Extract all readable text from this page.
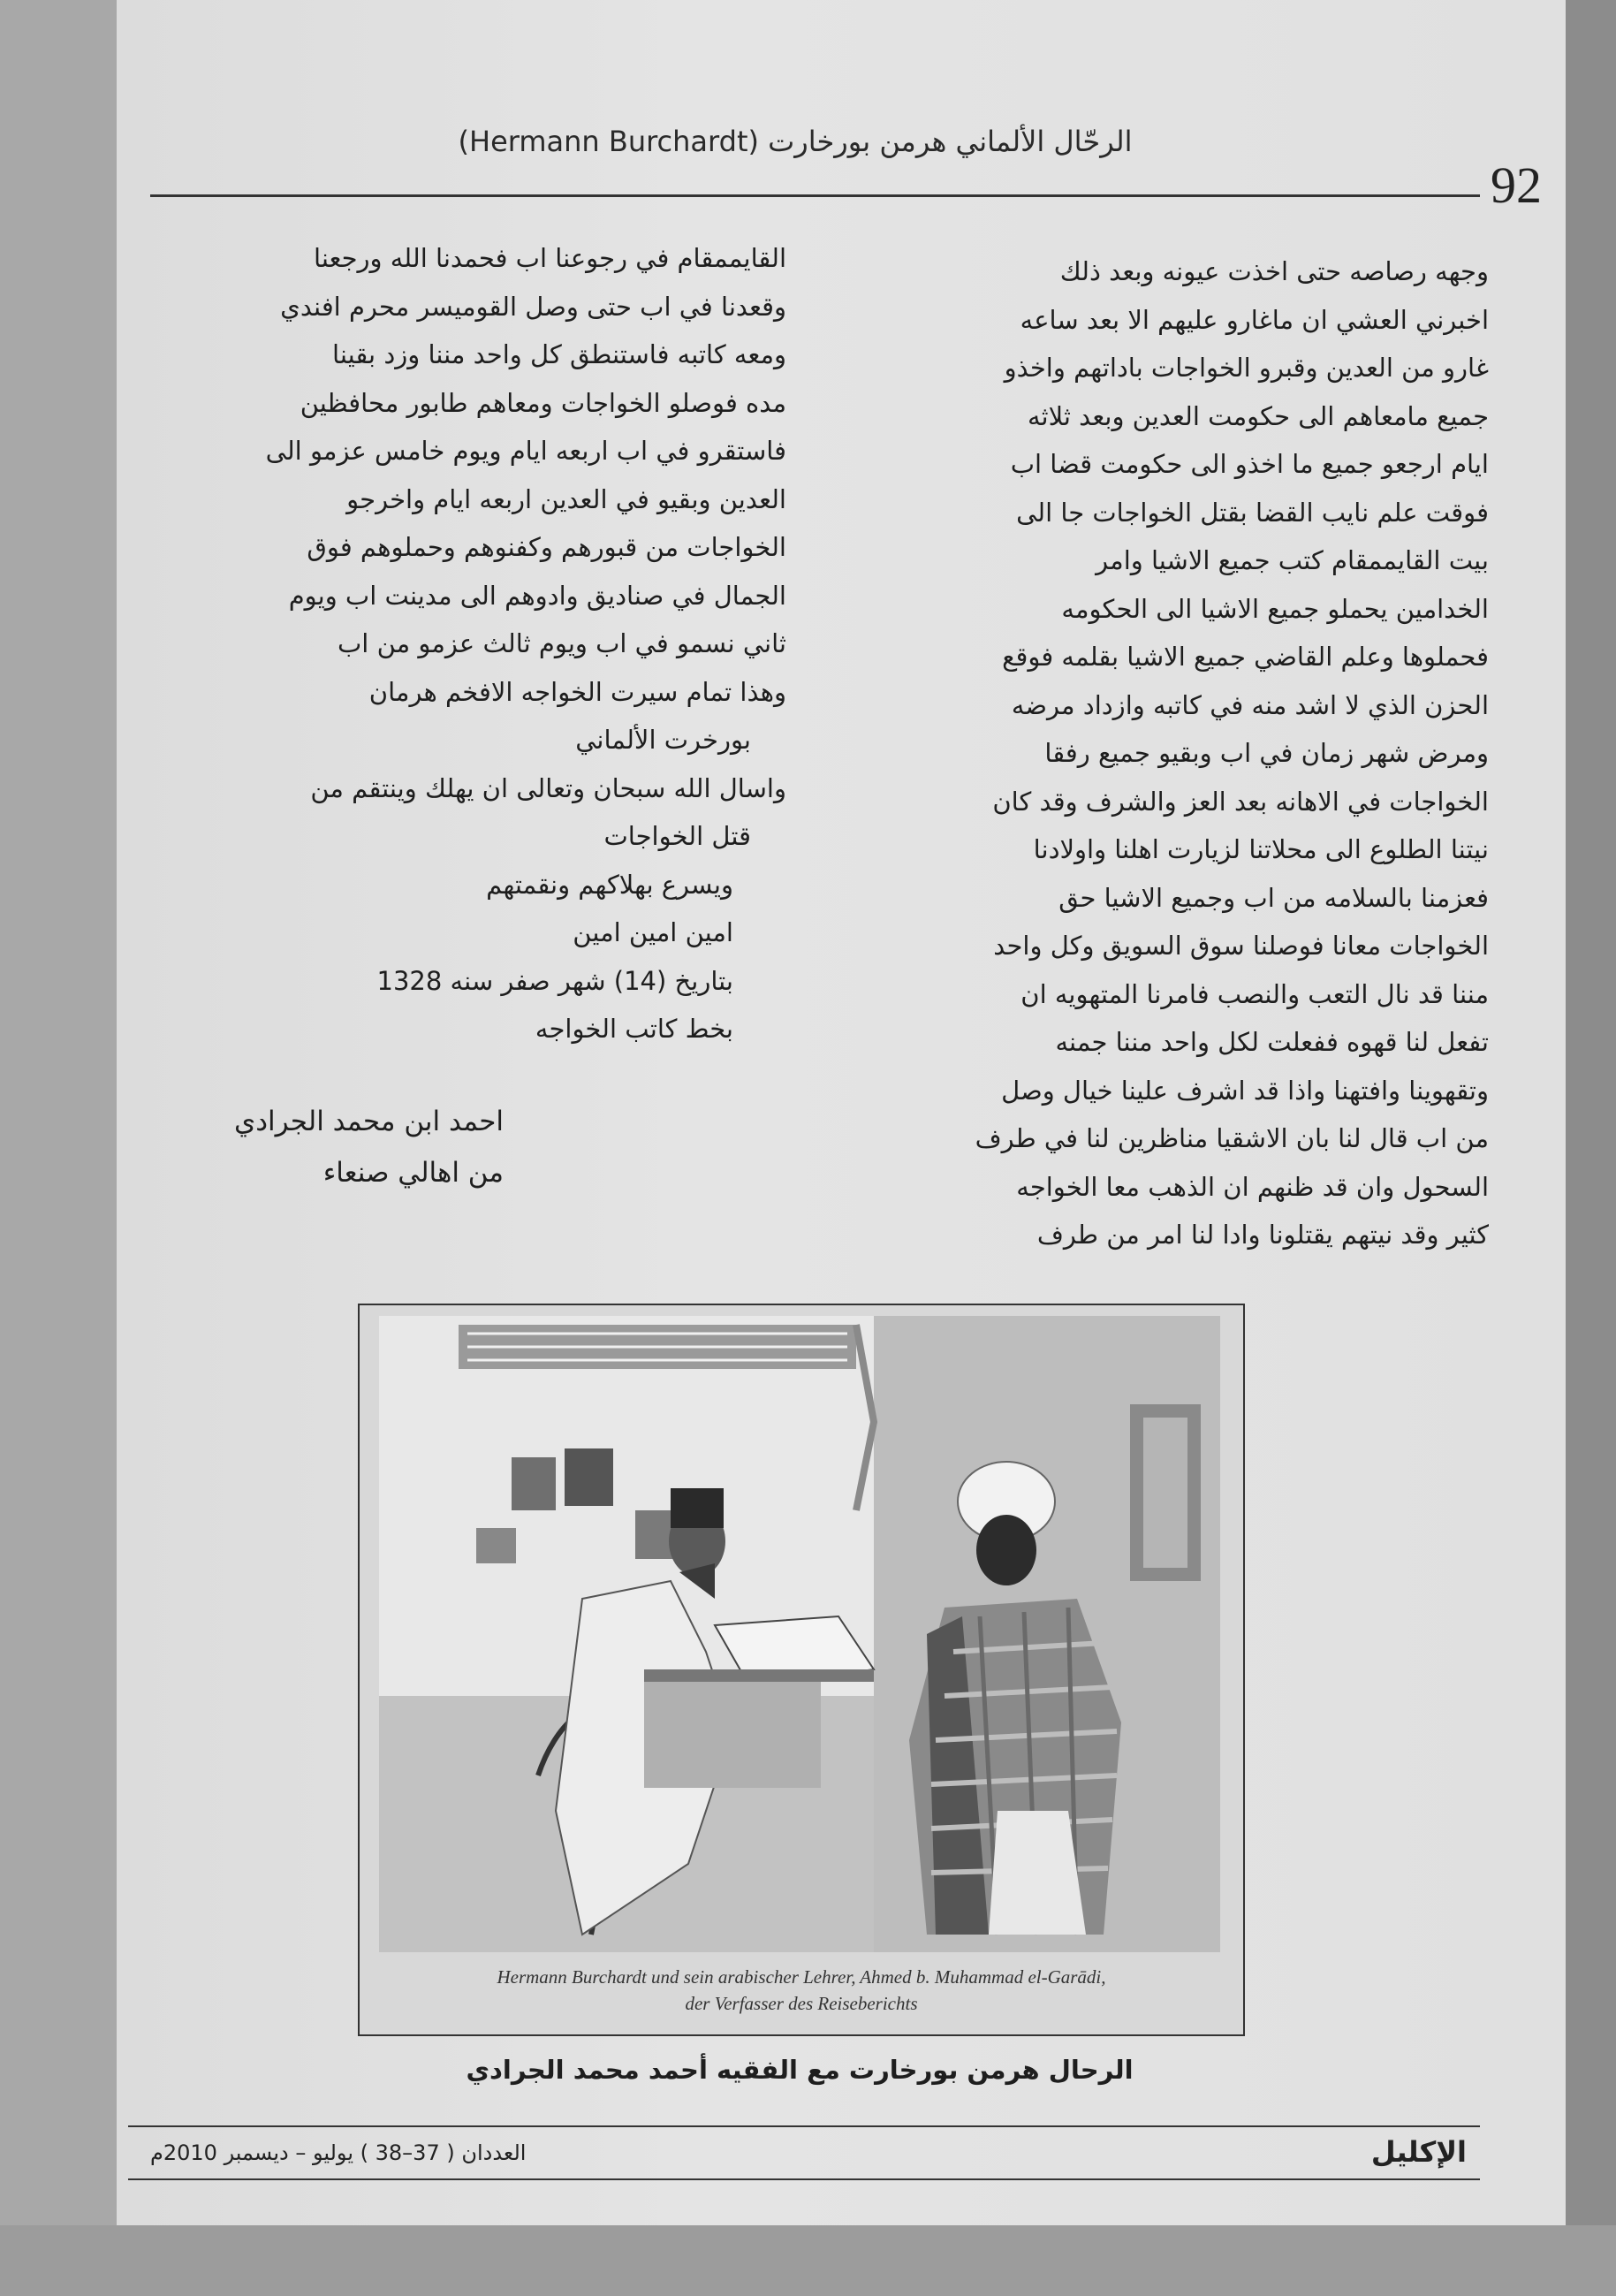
92
الرحّال الألماني هرمن بورخارت (Hermann Burchardt)
وجهه رصاصه حتى اخذت عيونه وبعد ذلك
اخبرني العشي ان ماغارو عليهم الا بعد ساعه
غارو من العدين وقبرو الخواجات باداتهم واخذو
جميع مامعاهم الى حكومت العدين وبعد ثلاثه
ايام ارجعو جميع ما اخذو الى حكومت قضا اب
فوقت علم نايب القضا بقتل الخواجات جا الى
بيت القايممقام كتب جميع الاشيا وامر
الخدامين يحملو جميع الاشيا الى الحكومه
فحملوها وعلم القاضي جميع الاشيا بقلمه فوقع
الحزن الذي لا اشد منه في كاتبه وازداد مرضه
ومرض شهر زمان في اب وبقيو جميع رفقا
الخواجات في الاهانه بعد العز والشرف وقد كان
نيتنا الطلوع الى محلاتنا لزيارت اهلنا واولادنا
فعزمنا بالسلامه من اب وجميع الاشيا حق
الخواجات معانا فوصلنا سوق السويق وكل واحد
مننا قد نال التعب والنصب فامرنا المتهويه ان
تفعل لنا قهوه ففعلت لكل واحد مننا جمنه
وتقهوينا وافتهنا واذا قد اشرف علينا خيال وصل
من اب قال لنا بان الاشقيا مناظرين لنا في طرف
السحول وان قد ظنهم ان الذهب معا الخواجه
كثير وقد نيتهم يقتلونا وادا لنا امر من طرف
القايممقام في رجوعنا اب فحمدنا الله ورجعنا
وقعدنا في اب حتى وصل القوميسر محرم افندي
ومعه كاتبه فاستنطق كل واحد مننا وزد بقينا
مده فوصلو الخواجات ومعاهم طابور محافظين
فاستقرو في اب اربعه ايام ويوم خامس عزمو الى
العدين وبقيو في العدين اربعه ايام واخرجو
الخواجات من قبورهم وكفنوهم وحملوهم فوق
الجمال في صناديق وادوهم الى مدينت اب ويوم
ثاني نسمو في اب ويوم ثالث عزمو من اب
وهذا تمام سيرت الخواجه الافخم هرمان
بورخرت الألماني
واسال الله سبحان وتعالى ان يهلك وينتقم من
قتل الخواجات
ويسرع بهلاكهم ونقمتهم
امين امين امين
بتاريخ (14) شهر صفر سنه 1328
بخط كاتب الخواجه
احمد ابن محمد الجرادي
من اهالي صنعاء
Hermann Burchardt und sein arabischer Lehrer, Ahmed b. Muhammad el-Garādi,
der Verfasser des Reiseberichts
الرحال هرمن بورخارت مع الفقيه أحمد محمد الجرادي
العددان ( 37–38 ) يوليو – ديسمبر 2010م	الإكليل
